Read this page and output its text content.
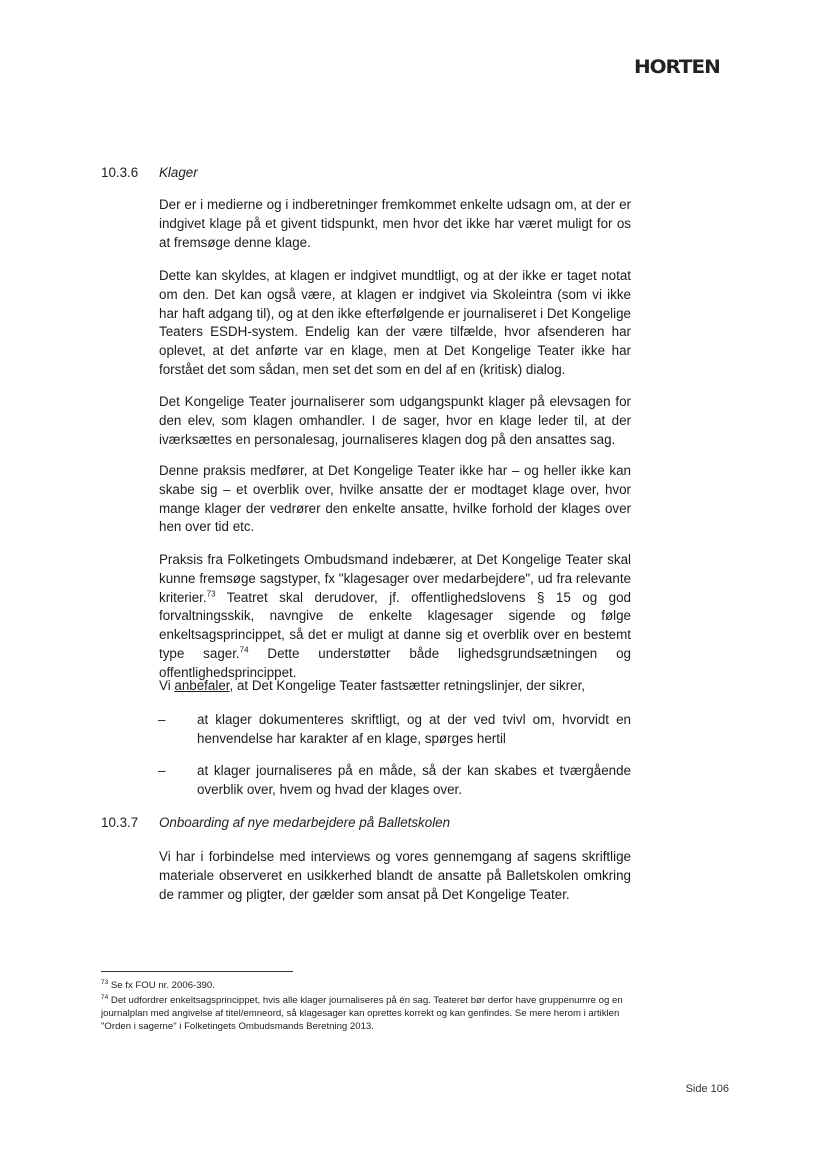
HORTEN
10.3.6 Klager

Der er i medierne og i indberetninger fremkommet enkelte udsagn om, at der er indgivet klage på et givent tidspunkt, men hvor det ikke har været muligt for os at fremsøge denne klage.

Dette kan skyldes, at klagen er indgivet mundtligt, og at der ikke er taget notat om den. Det kan også være, at klagen er indgivet via Skoleintra (som vi ikke har haft adgang til), og at den ikke efterfølgende er journaliseret i Det Kongelige Teaters ESDH-system. Endelig kan der være tilfælde, hvor afsenderen har oplevet, at det anførte var en klage, men at Det Kongelige Teater ikke har forstået det som sådan, men set det som en del af en (kritisk) dialog.

Det Kongelige Teater journaliserer som udgangspunkt klager på elevsagen for den elev, som klagen omhandler. I de sager, hvor en klage leder til, at der iværksættes en personalesag, journaliseres klagen dog på den ansattes sag.

Denne praksis medfører, at Det Kongelige Teater ikke har – og heller ikke kan skabe sig – et overblik over, hvilke ansatte der er modtaget klage over, hvor mange klager der vedrører den enkelte ansatte, hvilke forhold der klages over hen over tid etc.

Praksis fra Folketingets Ombudsmand indebærer, at Det Kongelige Teater skal kunne fremsøge sagstyper, fx "klagesager over medarbejdere", ud fra relevante kriterier.$^{73}$ Teatret skal derudover, jf. offentlighedslovens § 15 og god forvaltningsskik, navngive de enkelte klagesager sigende og følge enkeltsagsprincippet, så det er muligt at danne sig et overblik over en bestemt type sager.$^{74}$ Dette understøtter både lighedsgrundsætningen og offentlighedsprincippet.

Vi anbefaler, at Det Kongelige Teater fastsætter retningslinjer, der sikrer,

– at klager dokumenteres skriftligt, og at der ved tvivl om, hvorvidt en henvendelse har karakter af en klage, spørges hertil

– at klager journaliseres på en måde, så der kan skabes et tværgående overblik over, hvem og hvad der klages over.

10.3.7 Onboarding af nye medarbejdere på Balletskolen

Vi har i forbindelse med interviews og vores gennemgang af sagens skriftlige materiale observeret en usikkerhed blandt de ansatte på Balletskolen omkring de rammer og pligter, der gælder som ansat på Det Kongelige Teater.

$^{73}$ Se fx FOU nr. 2006-390.

$^{74}$ Det udfordrer enkeltsagsprincippet, hvis alle klager journaliseres på én sag. Teateret bør derfor have gruppenumre og en journalplan med angivelse af titel/emneord, så klagesager kan oprettes korrekt og kan genfindes. Se mere herom i artiklen "Orden i sagerne" i Folketingets Ombudsmands Beretning 2013.

Side 106
